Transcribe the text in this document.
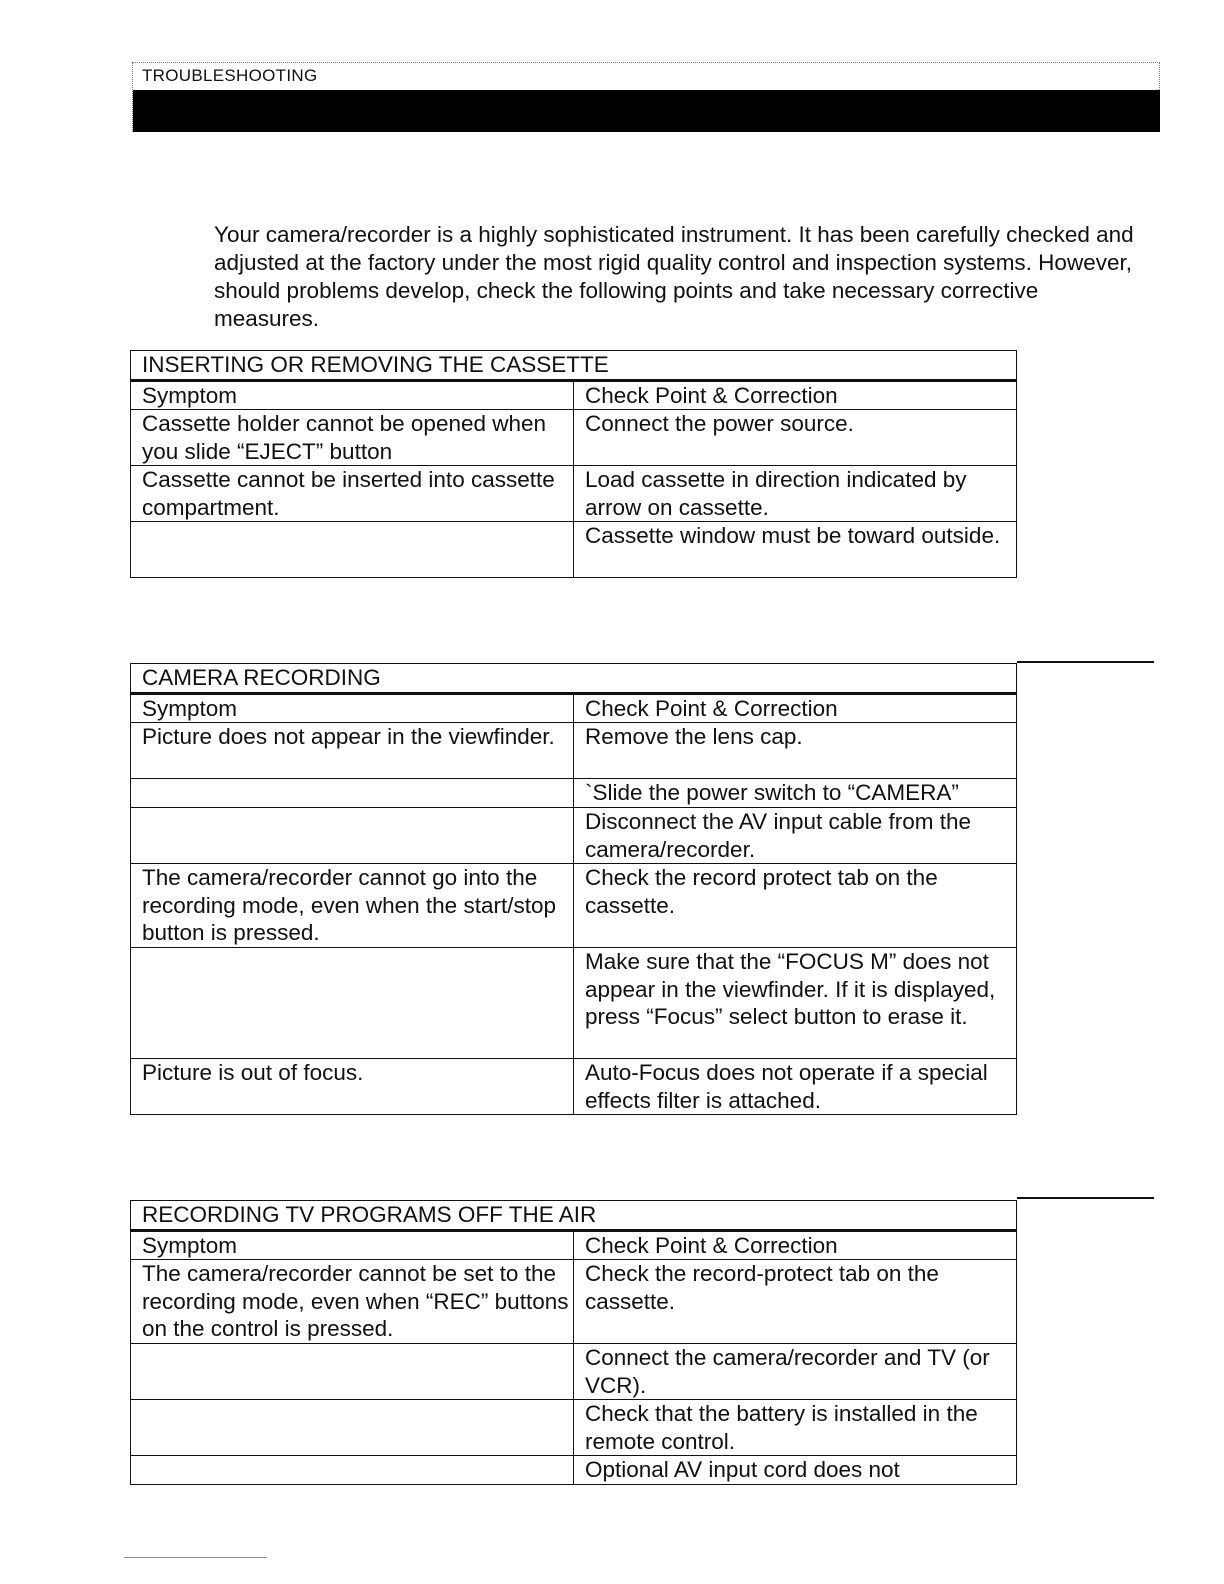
TROUBLESHOOTING

Your camera/recorder is a highly sophisticated instrument. It has been carefully checked and adjusted at the factory under the most rigid quality control and inspection systems. However, should problems develop, check the following points and take necessary corrective measures.

INSERTING OR REMOVING THE CASSETTE	
Symptom	Check Point & Correction
Cassette holder cannot be opened when you slide “EJECT” button	Connect the power source.
Cassette cannot be inserted into cassette compartment.	Load cassette in direction indicated by arrow on cassette.
	Cassette window must be toward outside.
CAMERA RECORDING	
Symptom	Check Point & Correction
Picture does not appear in the viewfinder.	Remove the lens cap.
	`Slide the power switch to “CAMERA”
	Disconnect the AV input cable from the camera/recorder.
The camera/recorder cannot go into the recording mode, even when the start/stop button is pressed.	Check the record protect tab on the cassette.
	Make sure that the “FOCUS M” does not appear in the viewfinder. If it is displayed, press “Focus” select button to erase it.
Picture is out of focus.	Auto-Focus does not operate if a special effects filter is attached.
RECORDING TV PROGRAMS OFF THE AIR	
Symptom	Check Point & Correction
The camera/recorder cannot be set to the recording mode, even when “REC” buttons on the control is pressed.	Check the record-protect tab on the cassette.
	Connect the camera/recorder and TV (or VCR).
	Check that the battery is installed in the remote control.
	Optional AV input cord does not
